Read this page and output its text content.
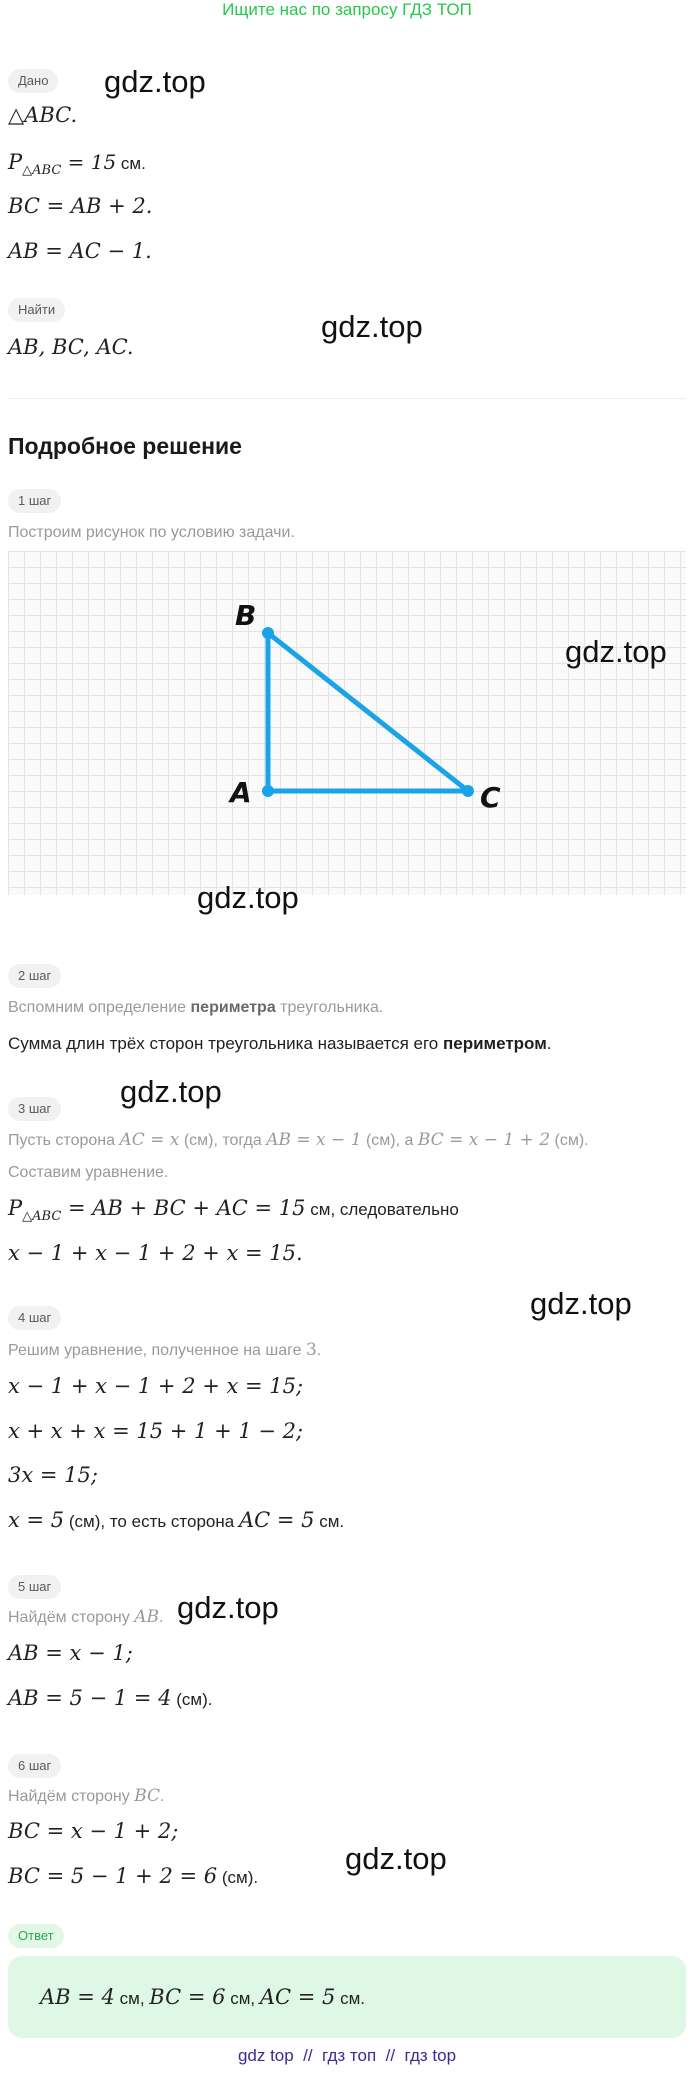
Ищите нас по запросу ГДЗ ТОП
Дано	gdz.top
△ABC.
$P_{\triangle ABC} = 15$ см.
BC = AB + 2.
AB = AC − 1.
Найти	gdz.top
AB, BC, AC.
Подробное решение
1 шаг
Построим рисунок по условию задачи.
B
A	C
gdz.top
gdz.top
2 шаг
Вспомним определение периметра треугольника.
Сумма длин трёх сторон треугольника называется его периметром.
3 шаг	gdz.top
Пусть сторона AC = x (см), тогда AB = x − 1 (см), а BC = x − 1 + 2 (см).
Составим уравнение.
$P_{\triangle ABC}$ = AB + BC + AC = 15 см, следовательно
x − 1 + x − 1 + 2 + x = 15.
gdz.top
4 шаг
Решим уравнение, полученное на шаге 3.
x − 1 + x − 1 + 2 + x = 15;
x + x + x = 15 + 1 + 1 − 2;
3x = 15;
x = 5 (см), то есть сторона AC = 5 см.
5 шаг
Найдём сторону AB. gdz.top
AB = x − 1;
AB = 5 − 1 = 4 (см).
6 шаг
Найдём сторону BC.
BC = x − 1 + 2;
gdz.top
BC = 5 − 1 + 2 = 6 (см).
Ответ
AB = 4 см, BC = 6 см, AC = 5 см.
gdz top  //  гдз топ  //  гдз top
